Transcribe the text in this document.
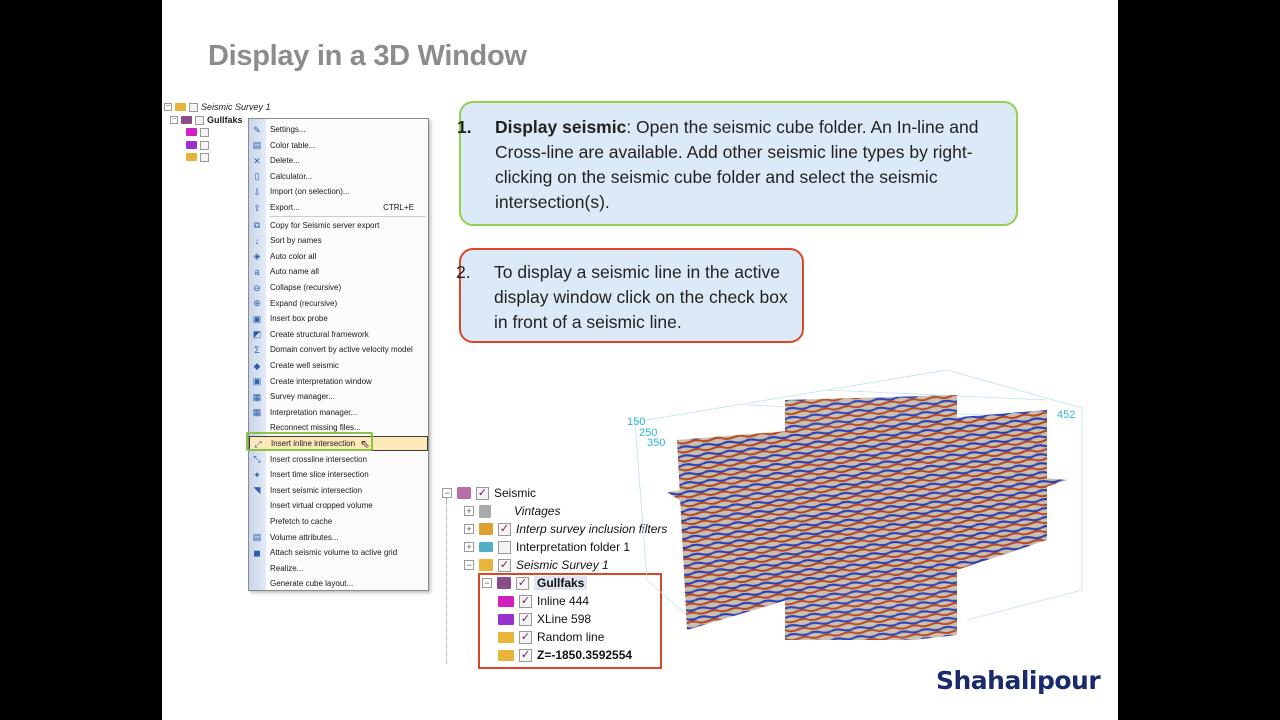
Display in a 3D Window
−	Seismic Survey 1
−	Gullfaks
✎ Settings...
▤ Color table...
✕ Delete...
▯	Calculator...
⇩ Import (on selection)...
⇧ Export...	CTRL+E
⧉ Copy for Seismic server export
↓	Sort by names
◈ Auto color all
a	Auto name all
⊖ Collapse (recursive)
⊕ Expand (recursive)
▣ Insert box probe
◩ Create structural framework
Σ Domain convert by active velocity model
◆ Create well seismic
▣ Create interpretation window
▦ Survey manager...
▦ Interpretation manager...
Reconnect missing files...
⤢ Insert inline intersection ⇖
⤡ Insert crossline intersection
✦ Insert time slice intersection
◥ Insert seismic intersection
Insert virtual cropped volume
Prefetch to cache
▤ Volume attributes...
◼ Attach seismic volume to active grid
Realize...
Generate cube layout...
1. Display seismic: Open the seismic cube folder. An In-line and Cross-line are available. Add other seismic line types by right-clicking on the seismic cube folder and select the seismic intersection(s).
2. To display a seismic line in the active display window click on the check box in front of a seismic line.
−	✓ Seismic
+	Vintages
+	✓ Interp survey inclusion filters
+	Interpretation folder 1
−	✓ Seismic Survey 1
−	✓ Gullfaks
✓ Inline 444
✓ XLine 598
✓ Random line
✓ Z=-1850.3592554
150
250
350
452
Shahalipour
